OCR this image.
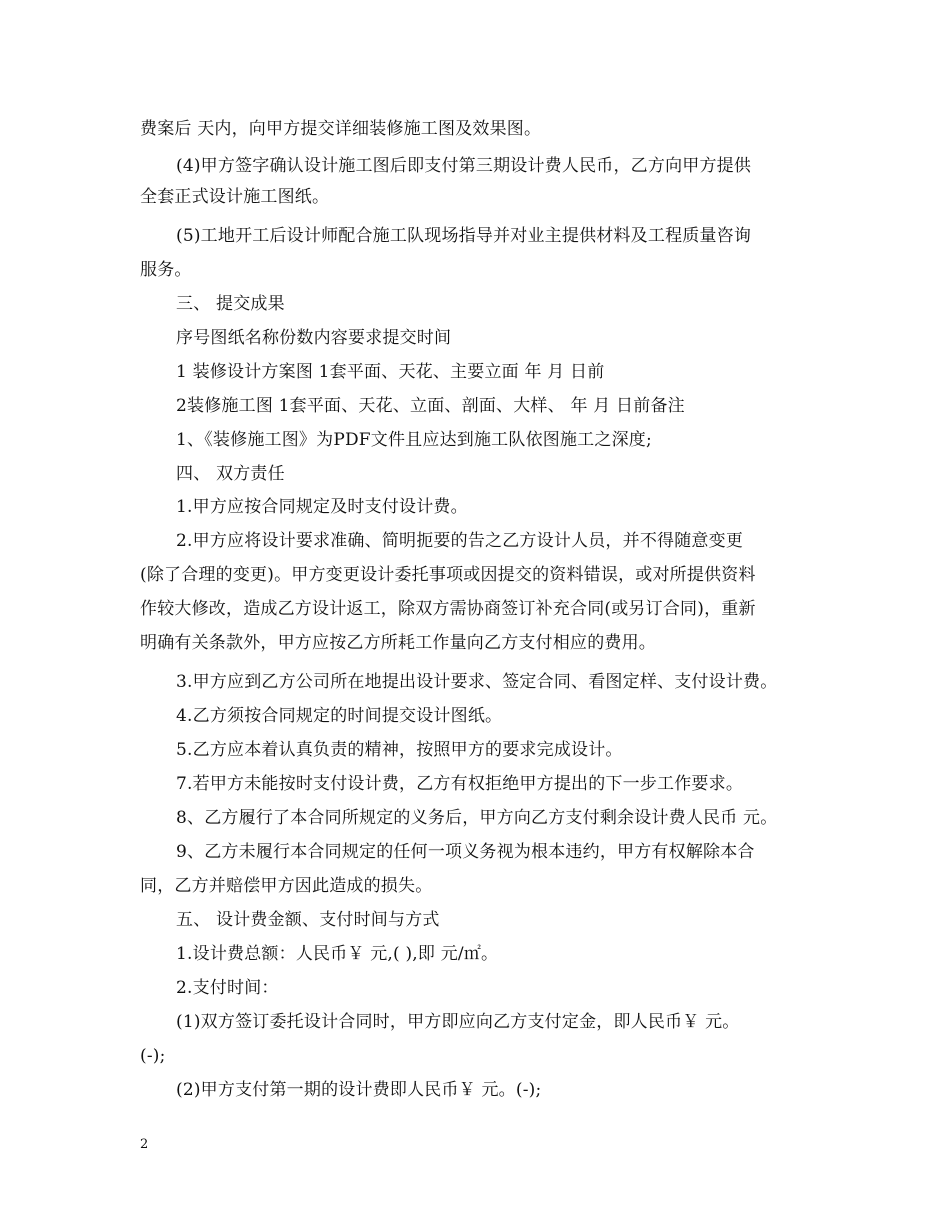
费案后 天内，向甲方提交详细装修施工图及效果图。
(4)甲方签字确认设计施工图后即支付第三期设计费人民币，乙方向甲方提供
全套正式设计施工图纸。
(5)工地开工后设计师配合施工队现场指导并对业主提供材料及工程质量咨询
服务。
三、 提交成果
序号图纸名称份数内容要求提交时间
1 装修设计方案图 1套平面、天花、主要立面 年 月 日前
2装修施工图 1套平面、天花、立面、剖面、大样、 年 月 日前备注
1、《装修施工图》为PDF文件且应达到施工队依图施工之深度;
四、 双方责任
1.甲方应按合同规定及时支付设计费。
2.甲方应将设计要求准确、简明扼要的告之乙方设计人员，并不得随意变更
(除了合理的变更)。甲方变更设计委托事项或因提交的资料错误，或对所提供资料
作较大修改，造成乙方设计返工，除双方需协商签订补充合同(或另订合同)，重新
明确有关条款外，甲方应按乙方所耗工作量向乙方支付相应的费用。
3.甲方应到乙方公司所在地提出设计要求、签定合同、看图定样、支付设计费。
4.乙方须按合同规定的时间提交设计图纸。
5.乙方应本着认真负责的精神，按照甲方的要求完成设计。
7.若甲方未能按时支付设计费，乙方有权拒绝甲方提出的下一步工作要求。
8、乙方履行了本合同所规定的义务后，甲方向乙方支付剩余设计费人民币 元。
9、乙方未履行本合同规定的任何一项义务视为根本违约，甲方有权解除本合
同，乙方并赔偿甲方因此造成的损失。
五、 设计费金额、支付时间与方式
1.设计费总额：人民币￥ 元,( ),即 元/㎡。
2.支付时间：
(1)双方签订委托设计合同时，甲方即应向乙方支付定金，即人民币￥ 元。
(-);
(2)甲方支付第一期的设计费即人民币￥ 元。(-);
2
